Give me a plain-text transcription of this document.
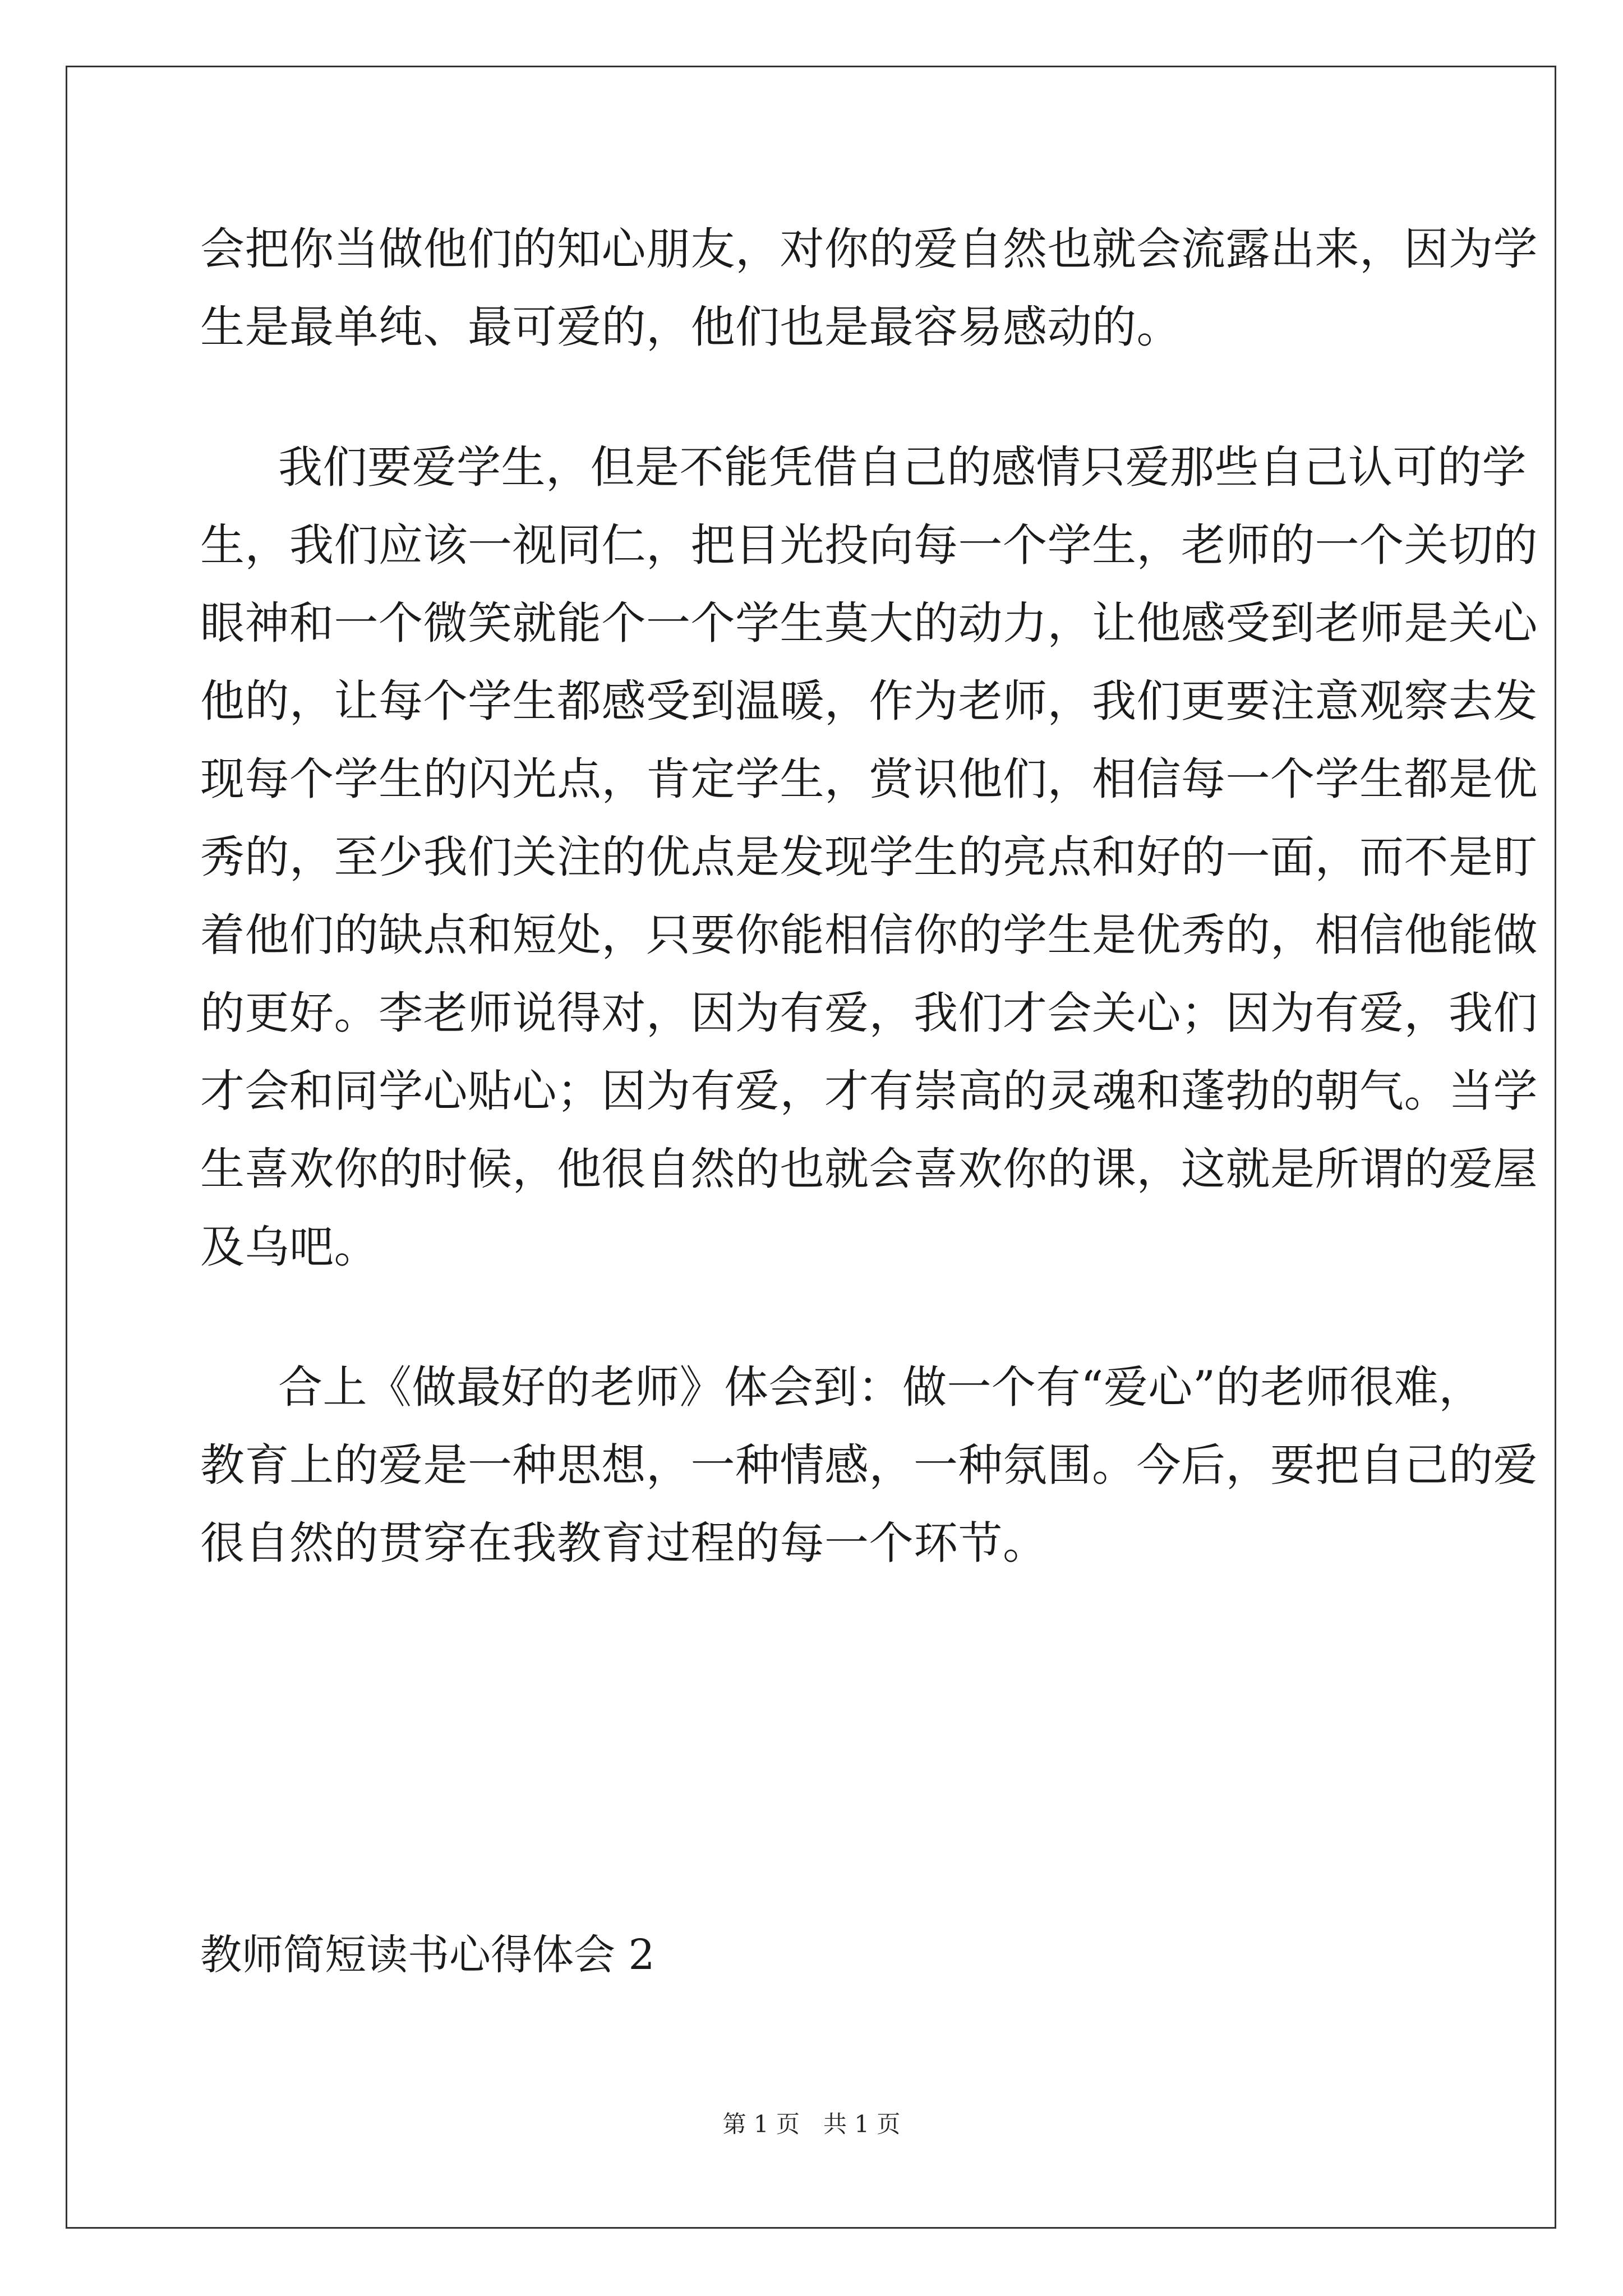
会把你当做他们的知心朋友，对你的爱自然也就会流露出来，因为学
生是最单纯、最可爱的，他们也是最容易感动的。
我们要爱学生，但是不能凭借自己的感情只爱那些自己认可的学
生，我们应该一视同仁，把目光投向每一个学生，老师的一个关切的
眼神和一个微笑就能个一个学生莫大的动力，让他感受到老师是关心
他的，让每个学生都感受到温暖，作为老师，我们更要注意观察去发
现每个学生的闪光点，肯定学生，赏识他们，相信每一个学生都是优
秀的，至少我们关注的优点是发现学生的亮点和好的一面，而不是盯
着他们的缺点和短处，只要你能相信你的学生是优秀的，相信他能做
的更好。李老师说得对，因为有爱，我们才会关心；因为有爱，我们
才会和同学心贴心；因为有爱，才有崇高的灵魂和蓬勃的朝气。当学
生喜欢你的时候，他很自然的也就会喜欢你的课，这就是所谓的爱屋
及乌吧。
合上《做最好的老师》体会到：做一个有“爱心”的老师很难，
教育上的爱是一种思想，一种情感，一种氛围。今后，要把自己的爱
很自然的贯穿在我教育过程的每一个环节。
教师简短读书心得体会 2
第 1 页　共 1 页
